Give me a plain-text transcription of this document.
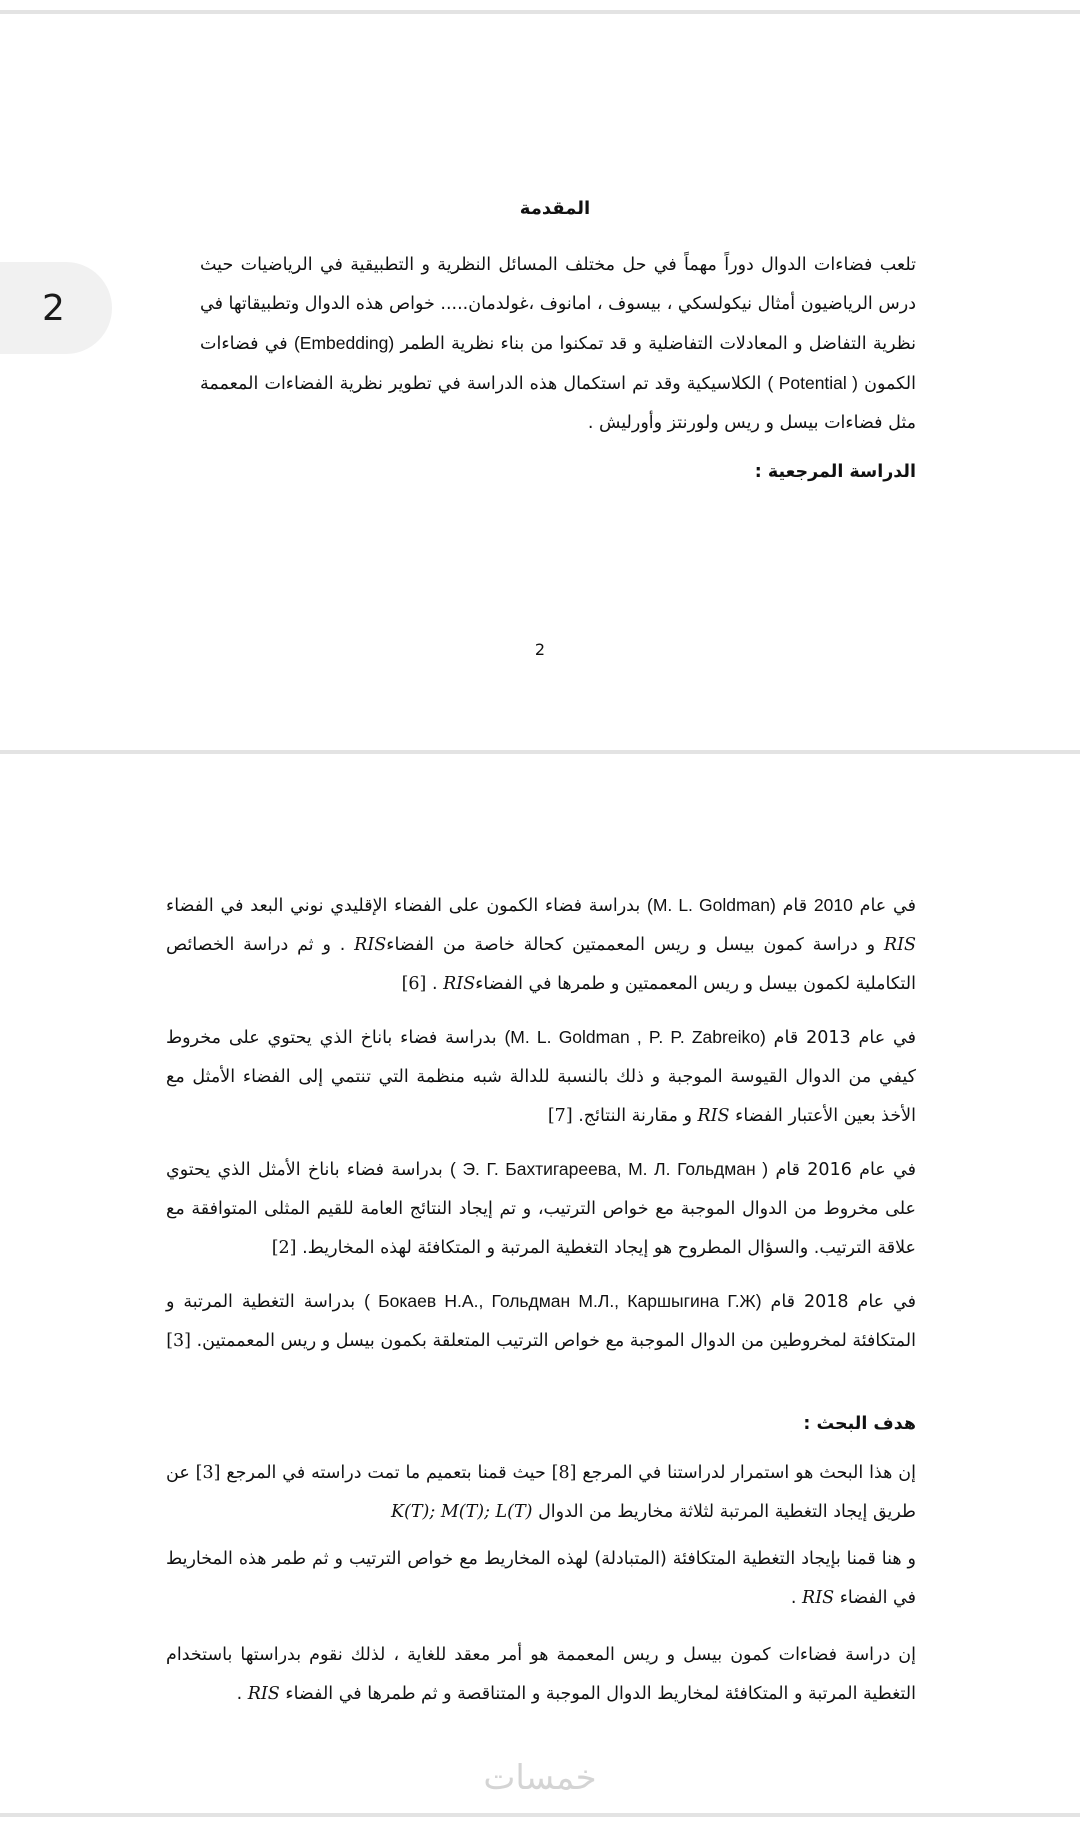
2
المقدمة

تلعب فضاءات الدوال دوراً مهماً في حل مختلف المسائل النظرية و التطبيقية في الرياضيات حيث درس الرياضيون أمثال نيكولسكي ، بيسوف ، امانوف ،غولدمان..... خواص هذه الدوال وتطبيقاتها في نظرية التفاضل و المعادلات التفاضلية و قد تمكنوا من بناء نظرية الطمر (Embedding) في فضاءات الكمون ( Potential ) الكلاسيكية وقد تم استكمال هذه الدراسة في تطوير نظرية الفضاءات المعممة مثل فضاءات بيسل و ريس ولورنتز وأورليش .

الدراسة المرجعية :
2

في عام 2010 قام (M. L. Goldman) بدراسة فضاء الكمون على الفضاء الإقليدي نوني البعد في الفضاء RIS و دراسة كمون بيسل و ريس المعممتين كحالة خاصة من الفضاءRIS . و ثم دراسة الخصائص التكاملية لكمون بيسل و ريس المعممتين و طمرها في الفضاءRIS . [6]

في عام 2013 قام (M. L. Goldman , P. P. Zabreiko) بدراسة فضاء باناخ الذي يحتوي على مخروط كيفي من الدوال القيوسة الموجبة و ذلك بالنسبة للدالة شبه منظمة التي تنتمي إلى الفضاء الأمثل مع الأخذ بعين الأعتبار الفضاء RIS و مقارنة النتائج. [7]

في عام 2016 قام ( Э. Г. Бахтигареева, М. Л. Гольдман ) بدراسة فضاء باناخ الأمثل الذي يحتوي على مخروط من الدوال الموجبة مع خواص الترتيب، و تم إيجاد النتائج العامة للقيم المثلى المتوافقة مع علاقة الترتيب. والسؤال المطروح هو إيجاد التغطية المرتبة و المتكافئة لهذه المخاريط. [2]

في عام 2018 قام ( Бокаев Н.А., Гольдман М.Л., Каршыгина Г.Ж) بدراسة التغطية المرتبة و المتكافئة لمخروطين من الدوال الموجبة مع خواص الترتيب المتعلقة بكمون بيسل و ريس المعممتين. [3]

هدف البحث :

إن هذا البحث هو استمرار لدراستنا في المرجع [8] حيث قمنا بتعميم ما تمت دراسته في المرجع [3] عن طريق إيجاد التغطية المرتبة لثلاثة مخاريط من الدوال K(T); M(T); L(T)

و هنا قمنا بإيجاد التغطية المتكافئة (المتبادلة) لهذه المخاريط مع خواص الترتيب و ثم طمر هذه المخاريط في الفضاء RIS .

إن دراسة فضاءات كمون بيسل و ريس المعممة هو أمر معقد للغاية ، لذلك نقوم بدراستها باستخدام التغطية المرتبة و المتكافئة لمخاريط الدوال الموجبة و المتناقصة و ثم طمرها في الفضاء RIS .

خمسات
